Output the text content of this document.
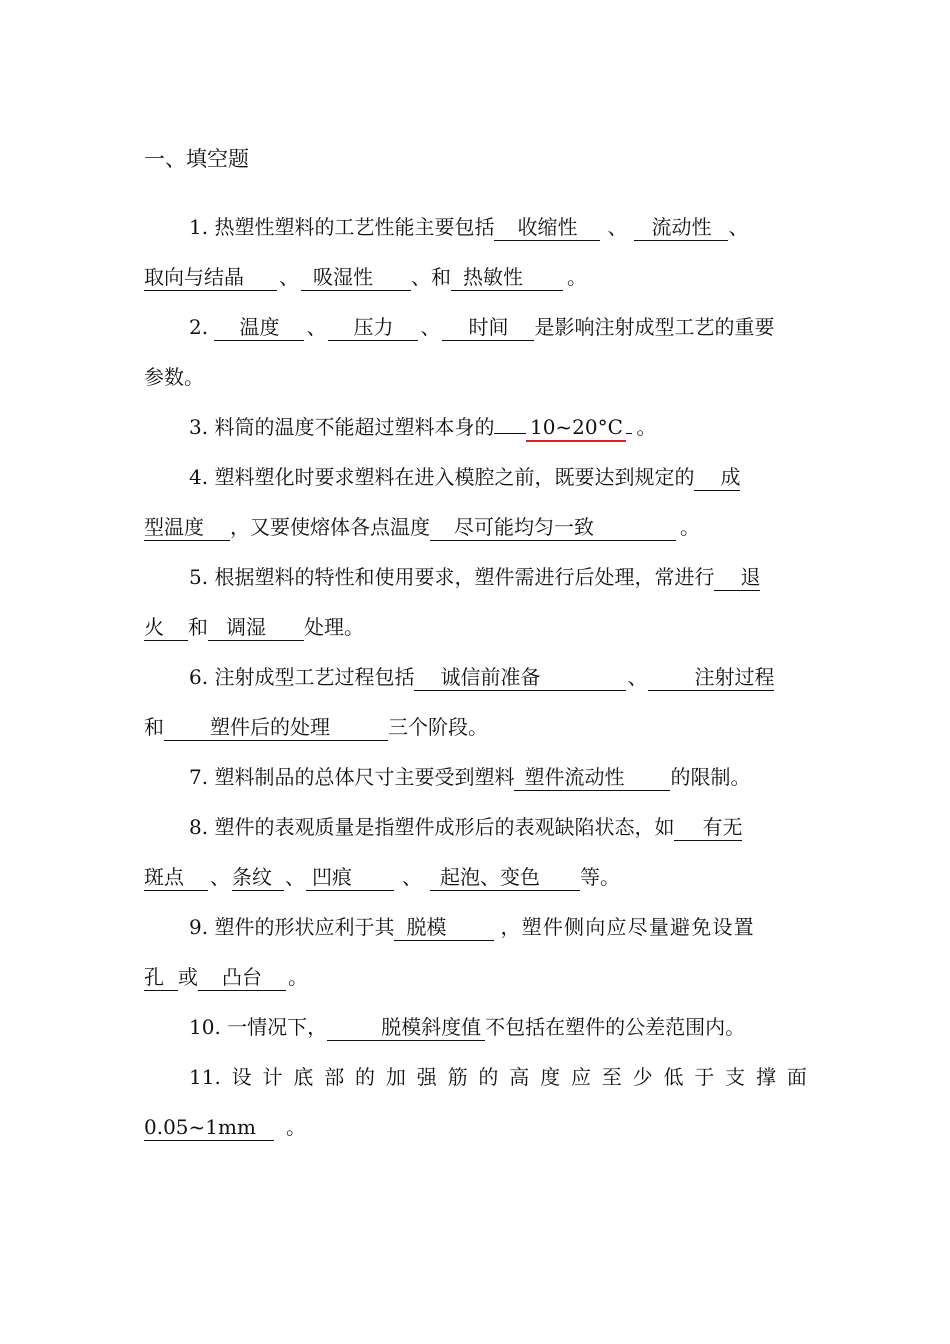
一、填空题
1. 热塑性塑料的工艺性能主要包括 收缩性 、 流动性 、
取向与结晶 、 吸湿性 、和 热敏性 。
2. 温度 、 压力 、 时间 是影响注射成型工艺的重要
参数。
3. 料筒的温度不能超过塑料本身的 10~20°C 。
4. 塑料塑化时要求塑料在进入模腔之前，既要达到规定的 成
型温度 ，又要使熔体各点温度 尽可能均匀一致	。
5. 根据塑料的特性和使用要求，塑件需进行后处理，常进行 退
火 和 调湿 处理。
6. 注射成型工艺过程包括 诚信前准备	、 注射过程
和 塑件后的处理	三个阶段。
7. 塑料制品的总体尺寸主要受到塑料 塑件流动性 的限制。
8. 塑件的表观质量是指塑件成形后的表观缺陷状态，如 有无
斑点 、 条纹 、 凹痕	、 起泡、变色 等。
9. 塑件的形状应利于其 脱模	，塑件侧向应尽量避免设置
孔 或 凸台 。
10. 一情况下，	脱模斜度值 不包括在塑件的公差范围内。
11. 设 计 底 部 的 加 强 筋 的 高 度 应 至 少 低 于 支 撑 面
0.05~1mm 。
